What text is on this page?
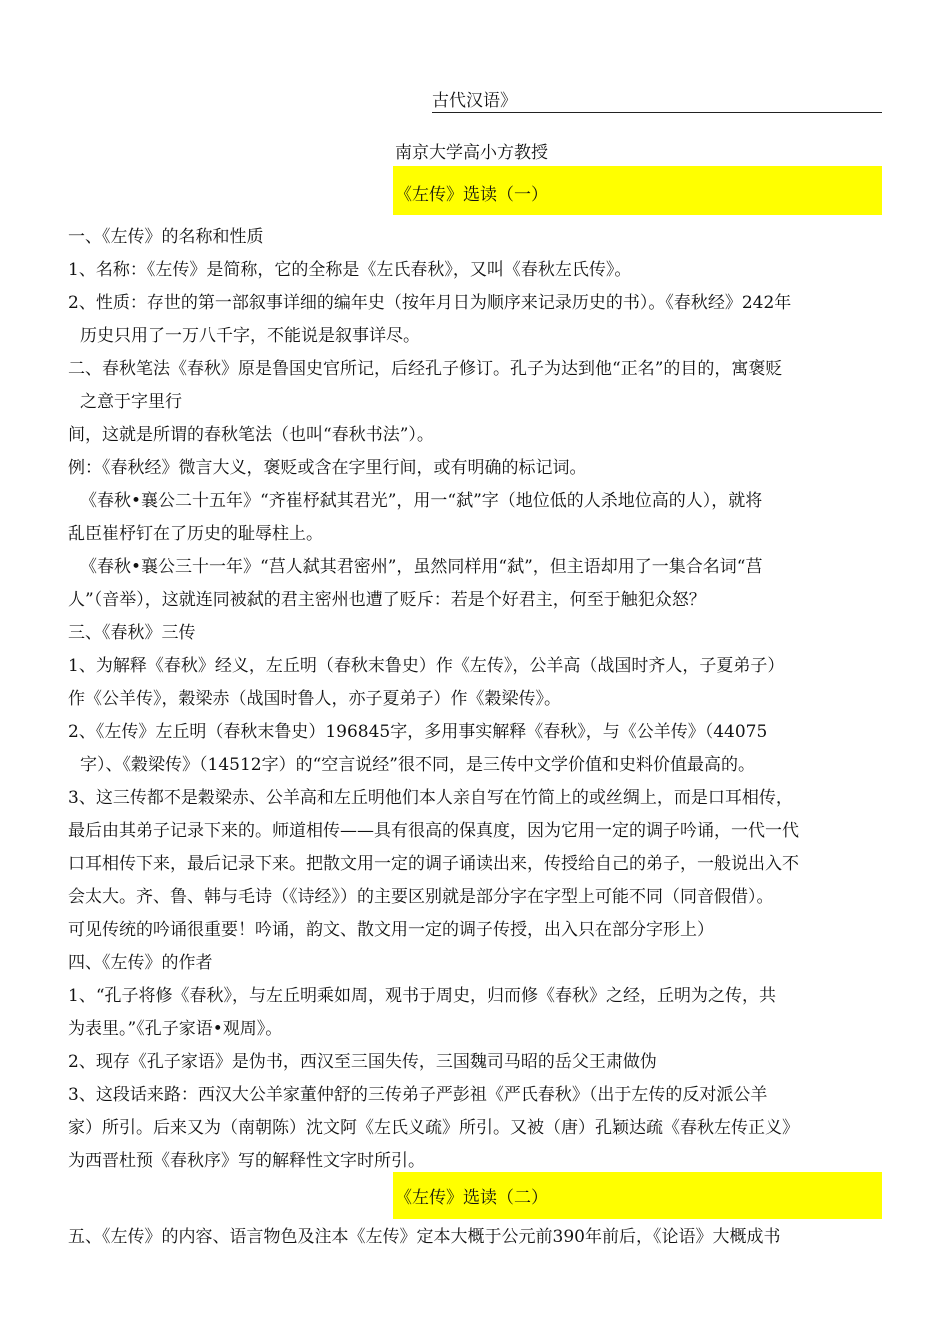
古代汉语》
南京大学高小方教授
《左传》选读（一）

一、《左传》的名称和性质

1、名称：《左传》是简称，它的全称是《左氏春秋》，又叫《春秋左氏传》。

2、性质：存世的第一部叙事详细的编年史（按年月日为顺序来记录历史的书）。《春秋经》242年

历史只用了一万八千字，不能说是叙事详尽。

二、春秋笔法《春秋》原是鲁国史官所记，后经孔子修订。孔子为达到他“正名”的目的，寓褒贬

之意于字里行

间，这就是所谓的春秋笔法（也叫“春秋书法”）。

例：《春秋经》微言大义，褒贬或含在字里行间，或有明确的标记词。

《春秋•襄公二十五年》“齐崔杼弑其君光”，用一“弑”字（地位低的人杀地位高的人），就将

乱臣崔杼钉在了历史的耻辱柱上。

《春秋•襄公三十一年》“莒人弑其君密州”，虽然同样用“弑”，但主语却用了一集合名词“莒

人”（音举），这就连同被弑的君主密州也遭了贬斥：若是个好君主，何至于触犯众怒？

三、《春秋》三传

1、为解释《春秋》经义，左丘明（春秋末鲁史）作《左传》，公羊高（战国时齐人，子夏弟子）

作《公羊传》，穀梁赤（战国时鲁人，亦子夏弟子）作《穀梁传》。

2、《左传》左丘明（春秋末鲁史）196845字，多用事实解释《春秋》，与《公羊传》（44075

字）、《穀梁传》（14512字）的“空言说经”很不同，是三传中文学价值和史料价值最高的。

3、这三传都不是穀梁赤、公羊高和左丘明他们本人亲自写在竹简上的或丝绸上，而是口耳相传，

最后由其弟子记录下来的。师道相传——具有很高的保真度，因为它用一定的调子吟诵，一代一代

口耳相传下来，最后记录下来。把散文用一定的调子诵读出来，传授给自己的弟子，一般说出入不

会太大。齐、鲁、韩与毛诗（《诗经》）的主要区别就是部分字在字型上可能不同（同音假借）。

可见传统的吟诵很重要！吟诵，韵文、散文用一定的调子传授，出入只在部分字形上）

四、《左传》的作者

1、“孔子将修《春秋》，与左丘明乘如周，观书于周史，归而修《春秋》之经，丘明为之传，共

为表里。”《孔子家语•观周》。

2、现存《孔子家语》是伪书，西汉至三国失传，三国魏司马昭的岳父王肃做伪

3、这段话来路：西汉大公羊家董仲舒的三传弟子严彭祖《严氏春秋》（出于左传的反对派公羊

家）所引。后来又为（南朝陈）沈文阿《左氏义疏》所引。又被（唐）孔颖达疏《春秋左传正义》

为西晋杜预《春秋序》写的解释性文字时所引。

《左传》选读（二）

五、《左传》的内容、语言物色及注本《左传》定本大概于公元前390年前后，《论语》大概成书
